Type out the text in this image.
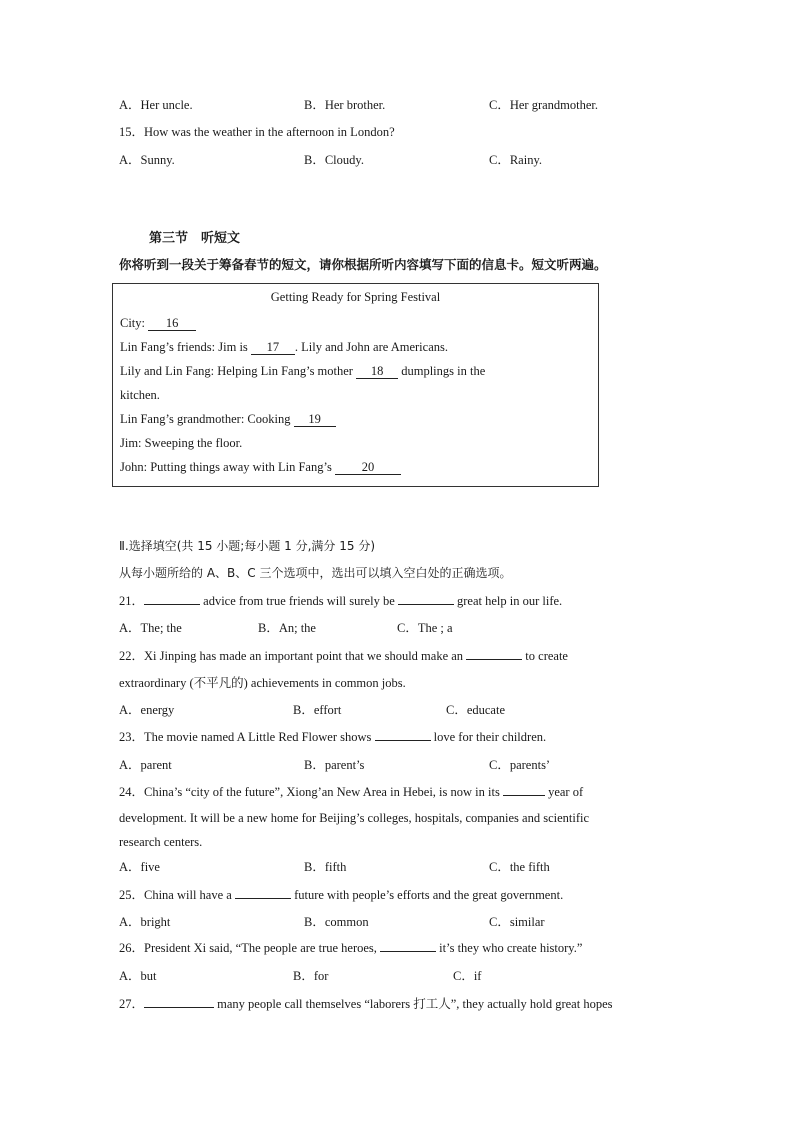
A．Her uncle.	B．Her brother.	C．Her grandmother.
15．How was the weather in the afternoon in London?
A．Sunny.	B．Cloudy.	C．Rainy.
第三节　听短文
你将听到一段关于筹备春节的短文，请你根据所听内容填写下面的信息卡。短文听两遍。
Getting Ready for Spring Festival
City: 16
Lin Fang’s friends: Jim is 17 . Lily and John are Americans.
Lily and Lin Fang: Helping Lin Fang’s mother 18 dumplings in the
kitchen.
Lin Fang’s grandmother: Cooking 19
Jim: Sweeping the floor.
John: Putting things away with Lin Fang’s 20
Ⅱ.选择填空(共 15 小题;每小题 1 分,满分 15 分)
从每小题所给的 A、B、C 三个选项中，选出可以填入空白处的正确选项。
21．	advice from true friends will surely be	great help in our life.
A．The; the	B．An; the	C．The ; a
22．Xi Jinping has made an important point that we should make an	to create
extraordinary (不平凡的) achievements in common jobs.
A．energy	B．effort	C．educate
23．The movie named A Little Red Flower shows	love for their children.
A．parent	B．parent’s	C．parents’
24．China’s “city of the future”, Xiong’an New Area in Hebei, is now in its	year of
development. It will be a new home for Beijing’s colleges, hospitals, companies and scientific
research centers.
A．five	B．fifth	C．the fifth
25．China will have a	future with people’s efforts and the great government.
A．bright	B．common	C．similar
26．President Xi said, “The people are true heroes,	it’s they who create history.”
A．but	B．for	C．if
27．	many people call themselves “laborers 打工人”, they actually hold great hopes
